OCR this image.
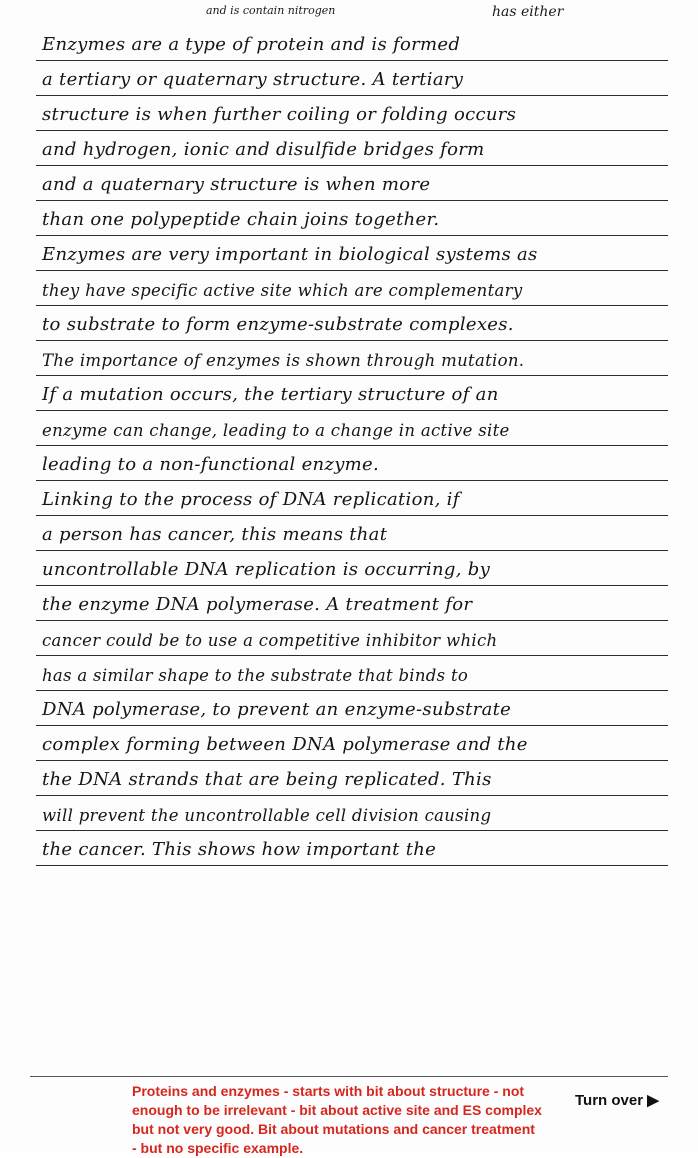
and is contain nitrogen	has either
Enzymes are a type of protein and is formed
a tertiary or quaternary structure. A tertiary
structure is when further coiling or folding occurs
and hydrogen, ionic and disulfide bridges form
and a quaternary structure is when more
than one polypeptide chain joins together.
Enzymes are very important in biological systems as
they have specific active site which are complementary
to substrate to form enzyme-substrate complexes.
The importance of enzymes is shown through mutation.
If a mutation occurs, the tertiary structure of an
enzyme can change, leading to a change in active site
leading to a non-functional enzyme.
Linking to the process of DNA replication, if
a person has cancer, this means that
uncontrollable DNA replication is occurring, by
the enzyme DNA polymerase. A treatment for
cancer could be to use a competitive inhibitor which
has a similar shape to the substrate that binds to
DNA polymerase, to prevent an enzyme-substrate
complex forming between DNA polymerase and the
the DNA strands that are being replicated. This
will prevent the uncontrollable cell division causing
the cancer. This shows how important the
Proteins and enzymes - starts with bit about structure - not enough to be irrelevant - bit about active site and ES complex but not very good. Bit about mutations and cancer treatment - but no specific example.
Turn over ▶
